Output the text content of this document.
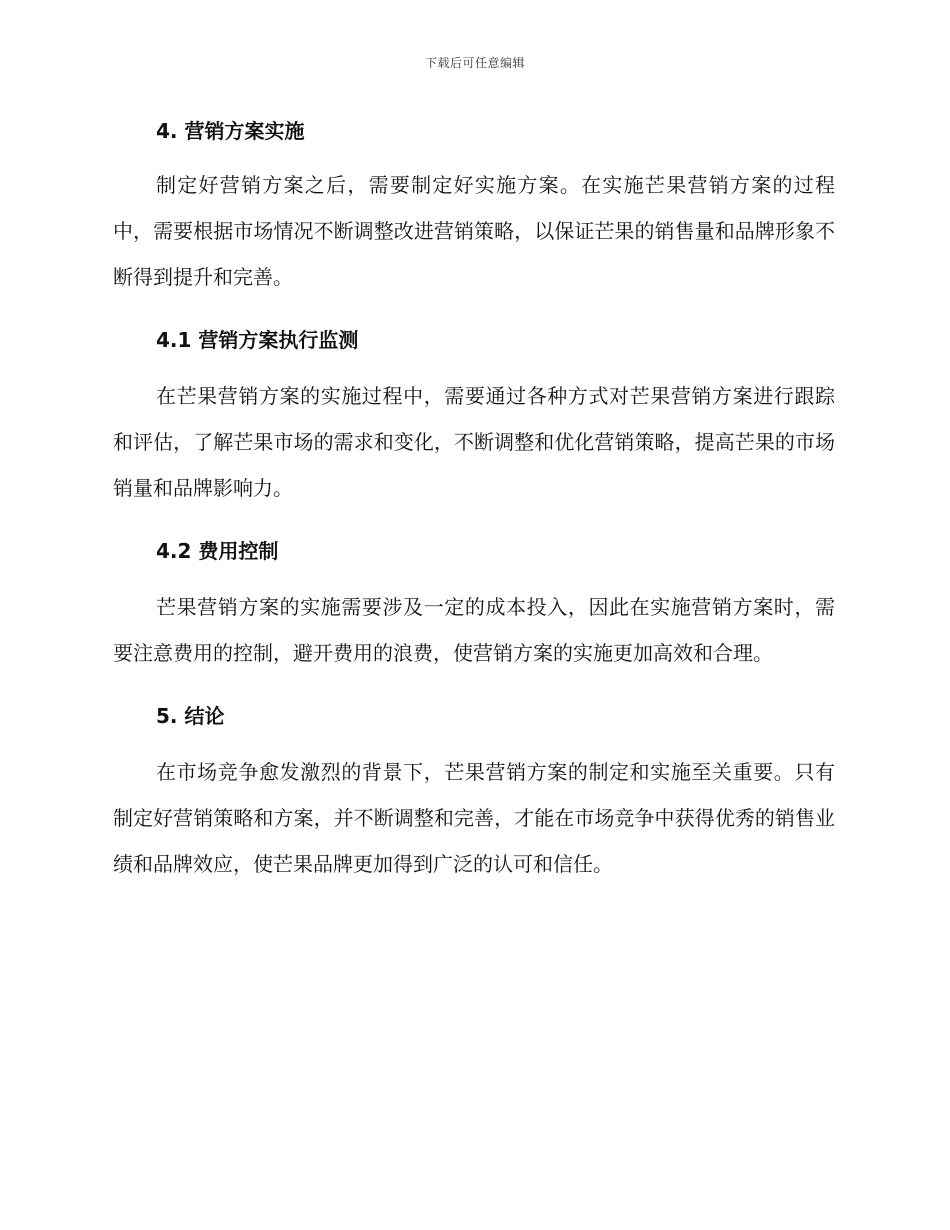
下载后可任意编辑
4. 营销方案实施

制定好营销方案之后，需要制定好实施方案。在实施芒果营销方案的过程中，需要根据市场情况不断调整改进营销策略，以保证芒果的销售量和品牌形象不断得到提升和完善。

4.1 营销方案执行监测

在芒果营销方案的实施过程中，需要通过各种方式对芒果营销方案进行跟踪和评估，了解芒果市场的需求和变化，不断调整和优化营销策略，提高芒果的市场销量和品牌影响力。

4.2 费用控制

芒果营销方案的实施需要涉及一定的成本投入，因此在实施营销方案时，需要注意费用的控制，避开费用的浪费，使营销方案的实施更加高效和合理。

5. 结论

在市场竞争愈发激烈的背景下，芒果营销方案的制定和实施至关重要。只有制定好营销策略和方案，并不断调整和完善，才能在市场竞争中获得优秀的销售业绩和品牌效应，使芒果品牌更加得到广泛的认可和信任。
